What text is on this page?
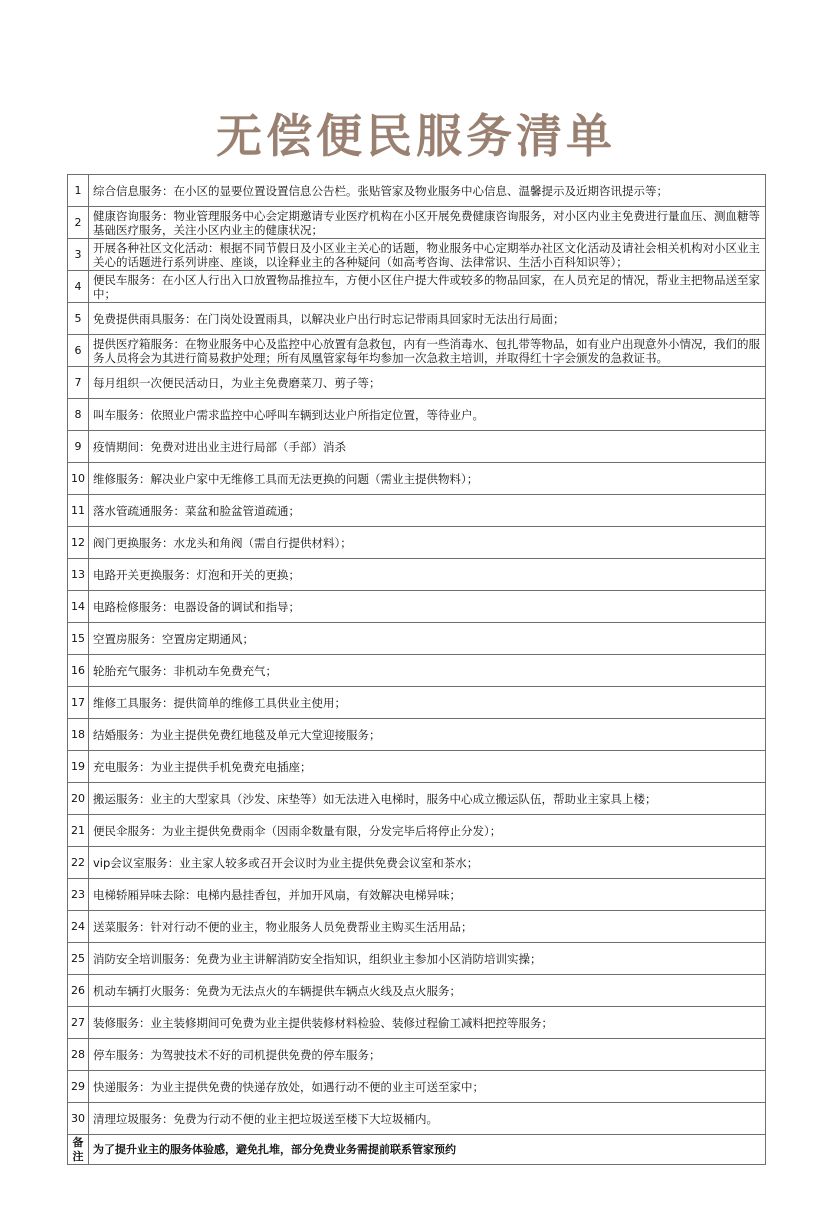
无偿便民服务清单
1	综合信息服务：在小区的显要位置设置信息公告栏。张贴管家及物业服务中心信息、温馨提示及近期咨讯提示等；
2	健康咨询服务：物业管理服务中心会定期邀请专业医疗机构在小区开展免费健康咨询服务，对小区内业主免费进行量血压、测血糖等基础医疗服务，关注小区内业主的健康状况；
3	开展各种社区文化活动：根据不同节假日及小区业主关心的话题，物业服务中心定期举办社区文化活动及请社会相关机构对小区业主关心的话题进行系列讲座、座谈，以诠释业主的各种疑问（如高考咨询、法律常识、生活小百科知识等）；
4	便民车服务：在小区人行出入口放置物品推拉车，方便小区住户提大件或较多的物品回家，在人员充足的情况，帮业主把物品送至家中；
5	免费提供雨具服务：在门岗处设置雨具，以解决业户出行时忘记带雨具回家时无法出行局面；
6	提供医疗箱服务：在物业服务中心及监控中心放置有急救包，内有一些消毒水、包扎带等物品，如有业户出现意外小情况，我们的服务人员将会为其进行简易救护处理；所有凤凰管家每年均参加一次急救主培训，并取得红十字会颁发的急救证书。
7	每月组织一次便民活动日，为业主免费磨菜刀、剪子等；
8	叫车服务：依照业户需求监控中心呼叫车辆到达业户所指定位置，等待业户。
9	疫情期间：免费对进出业主进行局部（手部）消杀
10	维修服务：解决业户家中无维修工具而无法更换的问题（需业主提供物料）；
11	落水管疏通服务：菜盆和脸盆管道疏通；
12	阀门更换服务：水龙头和角阀（需自行提供材料）；
13	电路开关更换服务：灯泡和开关的更换；
14	电路检修服务：电器设备的调试和指导；
15	空置房服务：空置房定期通风；
16	轮胎充气服务：非机动车免费充气；
17	维修工具服务：提供简单的维修工具供业主使用；
18	结婚服务：为业主提供免费红地毯及单元大堂迎接服务；
19	充电服务：为业主提供手机免费充电插座；
20	搬运服务：业主的大型家具（沙发、床垫等）如无法进入电梯时，服务中心成立搬运队伍，帮助业主家具上楼；
21	便民伞服务：为业主提供免费雨伞（因雨伞数量有限，分发完毕后将停止分发）；
22	vip会议室服务：业主家人较多或召开会议时为业主提供免费会议室和茶水；
23	电梯轿厢异味去除：电梯内悬挂香包，并加开风扇，有效解决电梯异味；
24	送菜服务：针对行动不便的业主，物业服务人员免费帮业主购买生活用品；
25	消防安全培训服务：免费为业主讲解消防安全指知识，组织业主参加小区消防培训实操；
26	机动车辆打火服务：免费为无法点火的车辆提供车辆点火线及点火服务；
27	装修服务：业主装修期间可免费为业主提供装修材料检验、装修过程偷工减料把控等服务；
28	停车服务：为驾驶技术不好的司机提供免费的停车服务；
29	快递服务：为业主提供免费的快递存放处，如遇行动不便的业主可送至家中；
30	清理垃圾服务：免费为行动不便的业主把垃圾送至楼下大垃圾桶内。
备注	为了提升业主的服务体验感，避免扎堆，部分免费业务需提前联系管家预约
